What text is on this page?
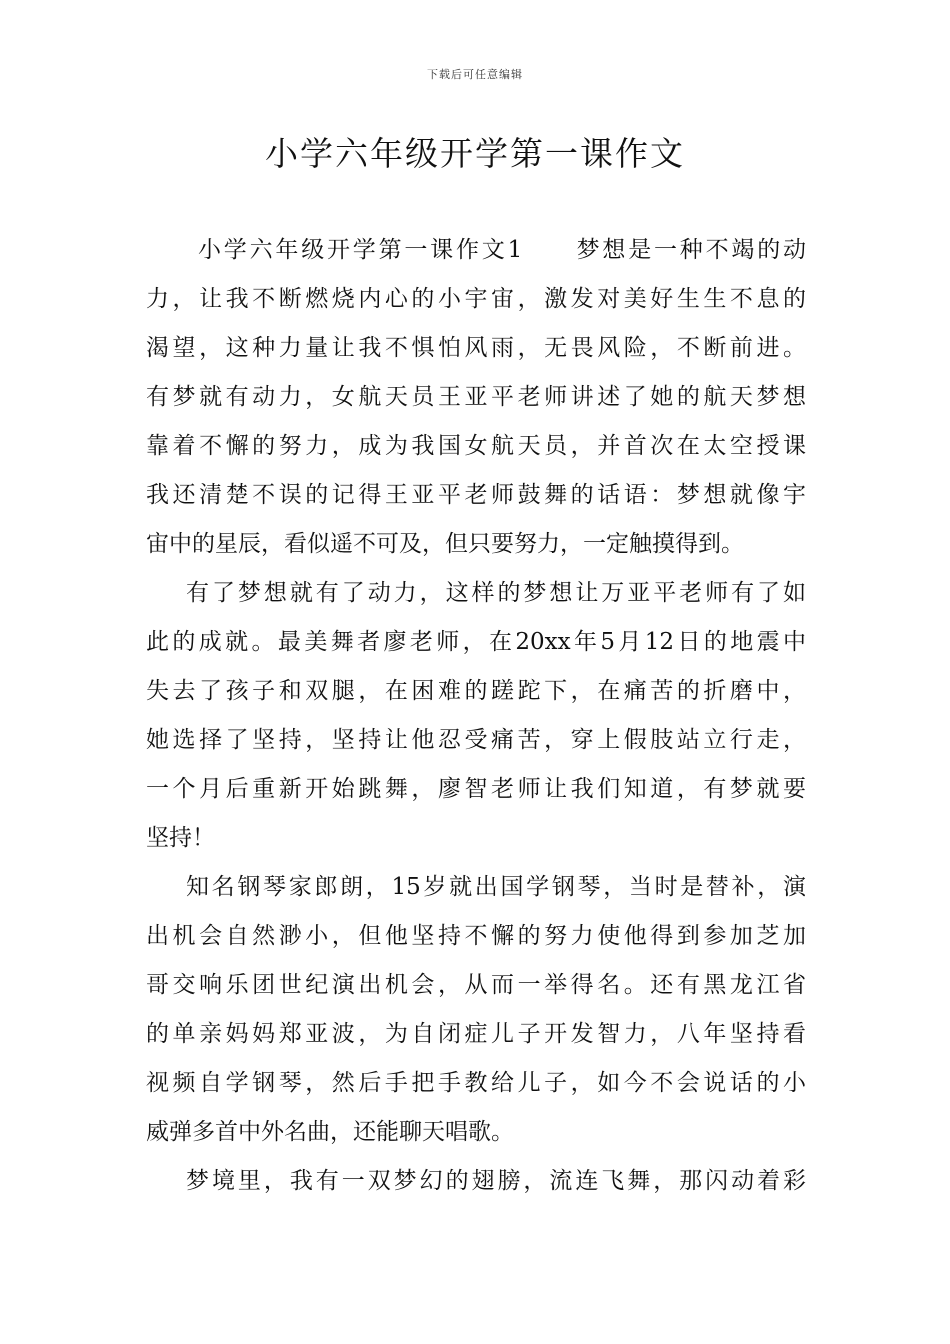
下载后可任意编辑
小学六年级开学第一课作文
小学六年级开学第一课作文1　　梦想是一种不竭的动
力，让我不断燃烧内心的小宇宙，激发对美好生生不息的
渴望，这种力量让我不惧怕风雨，无畏风险，不断前进。
有梦就有动力，女航天员王亚平老师讲述了她的航天梦想
靠着不懈的努力，成为我国女航天员，并首次在太空授课
我还清楚不误的记得王亚平老师鼓舞的话语：梦想就像宇
宙中的星辰，看似遥不可及，但只要努力，一定触摸得到。
有了梦想就有了动力，这样的梦想让万亚平老师有了如
此的成就。最美舞者廖老师，在20xx年5月12日的地震中
失去了孩子和双腿，在困难的蹉跎下，在痛苦的折磨中，
她选择了坚持，坚持让他忍受痛苦，穿上假肢站立行走，
一个月后重新开始跳舞，廖智老师让我们知道，有梦就要
坚持！
知名钢琴家郎朗，15岁就出国学钢琴，当时是替补，演
出机会自然渺小，但他坚持不懈的努力使他得到参加芝加
哥交响乐团世纪演出机会，从而一举得名。还有黑龙江省
的单亲妈妈郑亚波，为自闭症儿子开发智力，八年坚持看
视频自学钢琴，然后手把手教给儿子，如今不会说话的小
威弹多首中外名曲，还能聊天唱歌。
梦境里，我有一双梦幻的翅膀，流连飞舞，那闪动着彩
